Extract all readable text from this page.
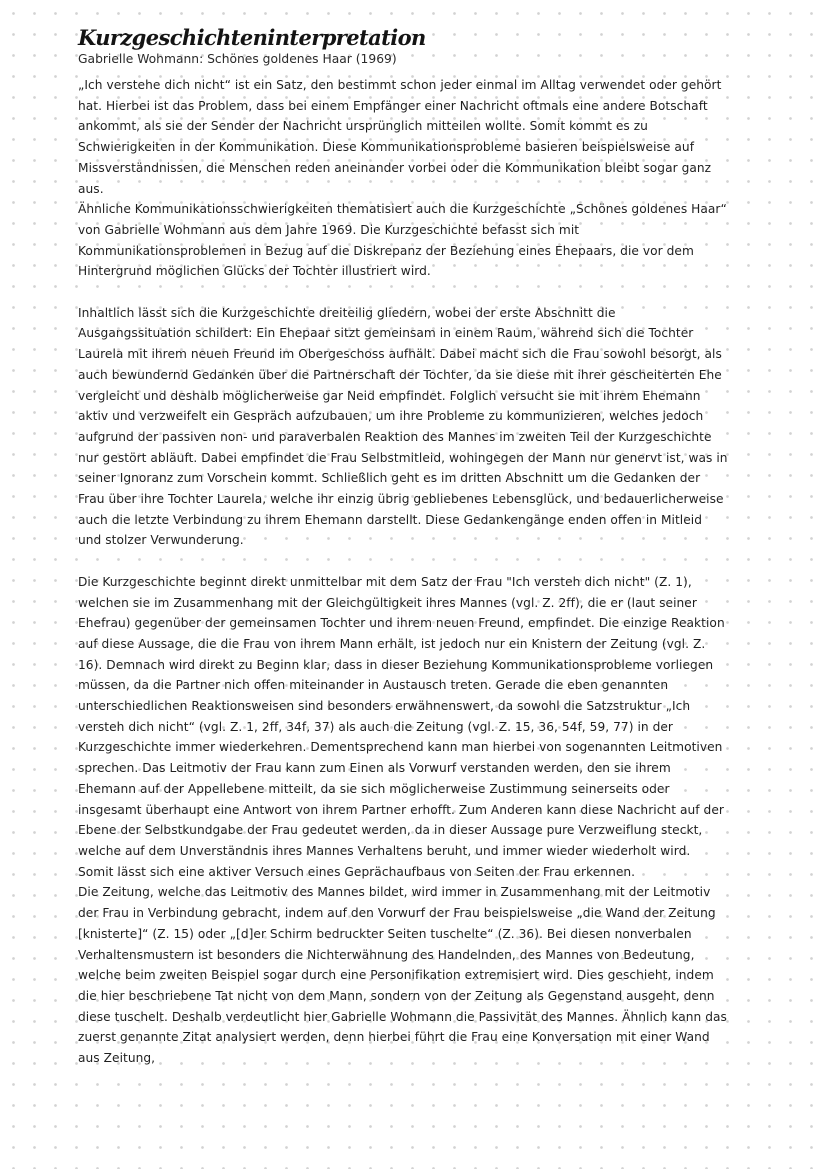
Kurzgeschichteninterpretation
Gabrielle Wohmann: Schönes goldenes Haar (1969)

„Ich verstehe dich nicht“ ist ein Satz, den bestimmt schon jeder einmal im Alltag verwendet oder gehört hat. Hierbei ist das Problem, dass bei einem Empfänger einer Nachricht oftmals eine andere Botschaft ankommt, als sie der Sender der Nachricht ursprünglich mitteilen wollte. Somit kommt es zu Schwierigkeiten in der Kommunikation. Diese Kommunikationsprobleme basieren beispielsweise auf Missverständnissen, die Menschen reden aneinander vorbei oder die Kommunikation bleibt sogar ganz aus.

Ähnliche Kommunikationsschwierigkeiten thematisiert auch die Kurzgeschichte „Schönes goldenes Haar“ von Gabrielle Wohmann aus dem Jahre 1969. Die Kurzgeschichte befasst sich mit Kommunikationsproblemen in Bezug auf die Diskrepanz der Beziehung eines Ehepaars, die vor dem Hintergrund möglichen Glücks der Tochter illustriert wird.

Inhaltlich lässt sich die Kurzgeschichte dreiteilig gliedern, wobei der erste Abschnitt die Ausgangssituation schildert: Ein Ehepaar sitzt gemeinsam in einem Raum, während sich die Tochter Laurela mit ihrem neuen Freund im Obergeschoss aufhält. Dabei macht sich die Frau sowohl besorgt, als auch bewundernd Gedanken über die Partnerschaft der Tochter, da sie diese mit ihrer gescheiterten Ehe vergleicht und deshalb möglicherweise gar Neid empfindet. Folglich versucht sie mit ihrem Ehemann aktiv und verzweifelt ein Gespräch aufzubauen, um ihre Probleme zu kommunizieren, welches jedoch aufgrund der passiven non- und paraverbalen Reaktion des Mannes im zweiten Teil der Kurzgeschichte nur gestört abläuft. Dabei empfindet die Frau Selbstmitleid, wohingegen der Mann nur genervt ist, was in seiner Ignoranz zum Vorschein kommt. Schließlich geht es im dritten Abschnitt um die Gedanken der Frau über ihre Tochter Laurela, welche ihr einzig übrig gebliebenes Lebensglück, und bedauerlicherweise auch die letzte Verbindung zu ihrem Ehemann darstellt. Diese Gedankengänge enden offen in Mitleid und stolzer Verwunderung.

Die Kurzgeschichte beginnt direkt unmittelbar mit dem Satz der Frau "Ich versteh dich nicht" (Z. 1), welchen sie im Zusammenhang mit der Gleichgültigkeit ihres Mannes (vgl. Z. 2ff), die er (laut seiner Ehefrau) gegenüber der gemeinsamen Tochter und ihrem neuen Freund, empfindet. Die einzige Reaktion auf diese Aussage, die die Frau von ihrem Mann erhält, ist jedoch nur ein Knistern der Zeitung (vgl. Z. 16). Demnach wird direkt zu Beginn klar, dass in dieser Beziehung Kommunikationsprobleme vorliegen müssen, da die Partner nich offen miteinander in Austausch treten. Gerade die eben genannten unterschiedlichen Reaktionsweisen sind besonders erwähnenswert, da sowohl die Satzstruktur „Ich versteh dich nicht“ (vgl. Z. 1, 2ff, 34f, 37) als auch die Zeitung (vgl. Z. 15, 36, 54f, 59, 77) in der Kurzgeschichte immer wiederkehren. Dementsprechend kann man hierbei von sogenannten Leitmotiven sprechen. Das Leitmotiv der Frau kann zum Einen als Vorwurf verstanden werden, den sie ihrem Ehemann auf der Appellebene mitteilt, da sie sich möglicherweise Zustimmung seinerseits oder insgesamt überhaupt eine Antwort von ihrem Partner erhofft. Zum Anderen kann diese Nachricht auf der Ebene der Selbstkundgabe der Frau gedeutet werden, da in dieser Aussage pure Verzweiflung steckt, welche auf dem Unverständnis ihres Mannes Verhaltens beruht, und immer wieder wiederholt wird. Somit lässt sich eine aktiver Versuch eines Geprächaufbaus von Seiten der Frau erkennen.

Die Zeitung, welche das Leitmotiv des Mannes bildet, wird immer in Zusammenhang mit der Leitmotiv der Frau in Verbindung gebracht, indem auf den Vorwurf der Frau beispielsweise „die Wand der Zeitung [knisterte]“ (Z. 15) oder „[d]er Schirm bedruckter Seiten tuschelte“ (Z. 36). Bei diesen nonverbalen Verhaltensmustern ist besonders die Nichterwähnung des Handelnden, des Mannes von Bedeutung, welche beim zweiten Beispiel sogar durch eine Personifikation extremisiert wird. Dies geschieht, indem die hier beschriebene Tat nicht von dem Mann, sondern von der Zeitung als Gegenstand ausgeht, denn diese tuschelt. Deshalb verdeutlicht hier Gabrielle Wohmann die Passivität des Mannes. Ähnlich kann das zuerst genannte Zitat analysiert werden, denn hierbei führt die Frau eine Konversation mit einer Wand aus Zeitung,
